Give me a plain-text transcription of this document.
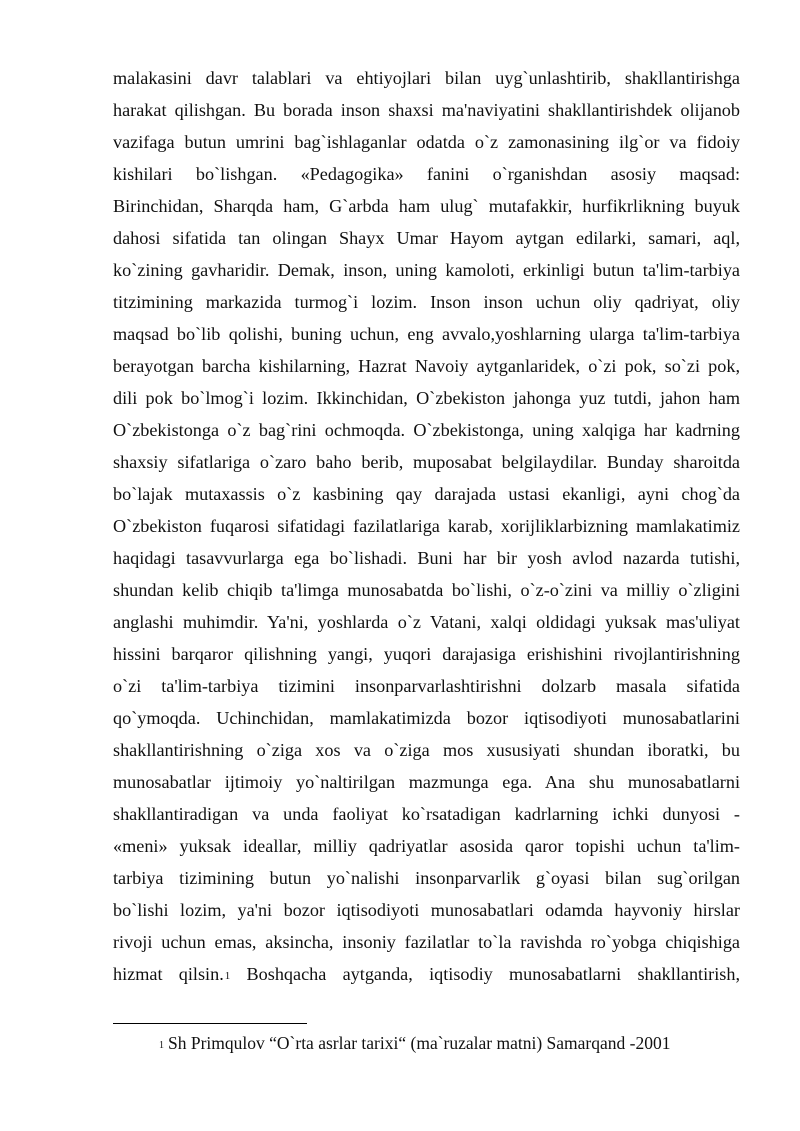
malakasini davr talablari va ehtiyojlari bilan uyg`unlashtirib, shakllantirishga
harakat qilishgan. Bu borada inson shaxsi ma'naviyatini shakllantirishdek olijanob
vazifaga butun umrini bag`ishlaganlar odatda o`z zamonasining ilg`or va fidoiy
kishilari bo`lishgan. «Pedagogika» fanini o`rganishdan asosiy maqsad:
Birinchidan, Sharqda ham, G`arbda ham ulug` mutafakkir, hurfikrlikning buyuk
dahosi sifatida tan olingan Shayx Umar Hayom aytgan edilarki, samari, aql,
ko`zining gavharidir. Demak, inson, uning kamoloti, erkinligi butun ta'lim-tarbiya
titzimining markazida turmog`i lozim. Inson inson uchun oliy qadriyat, oliy
maqsad bo`lib qolishi, buning uchun, eng avvalo,yoshlarning ularga ta'lim-tarbiya
berayotgan barcha kishilarning, Hazrat Navoiy aytganlaridek, o`zi pok, so`zi pok,
dili pok bo`lmog`i lozim. Ikkinchidan, O`zbekiston jahonga yuz tutdi, jahon ham
O`zbekistonga o`z bag`rini ochmoqda. O`zbekistonga, uning xalqiga har kadrning
shaxsiy sifatlariga o`zaro baho berib, muposabat belgilaydilar. Bunday sharoitda
bo`lajak mutaxassis o`z kasbining qay darajada ustasi ekanligi, ayni chog`da
O`zbekiston fuqarosi sifatidagi fazilatlariga karab, xorijliklarbizning mamlakatimiz
haqidagi tasavvurlarga ega bo`lishadi. Buni har bir yosh avlod nazarda tutishi,
shundan kelib chiqib ta'limga munosabatda bo`lishi, o`z-o`zini va milliy o`zligini
anglashi muhimdir. Ya'ni, yoshlarda o`z Vatani, xalqi oldidagi yuksak mas'uliyat
hissini barqaror qilishning yangi, yuqori darajasiga erishishini rivojlantirishning
o`zi ta'lim-tarbiya tizimini insonparvarlashtirishni dolzarb masala sifatida
qo`ymoqda. Uchinchidan, mamlakatimizda bozor iqtisodiyoti munosabatlarini
shakllantirishning o`ziga xos va o`ziga mos xususiyati shundan iboratki, bu
munosabatlar ijtimoiy yo`naltirilgan mazmunga ega. Ana shu munosabatlarni
shakllantiradigan va unda faoliyat ko`rsatadigan kadrlarning ichki dunyosi -
«meni» yuksak ideallar, milliy qadriyatlar asosida qaror topishi uchun ta'lim-
tarbiya tizimining butun yo`nalishi insonparvarlik g`oyasi bilan sug`orilgan
bo`lishi lozim, ya'ni bozor iqtisodiyoti munosabatlari odamda hayvoniy hirslar
rivoji uchun emas, aksincha, insoniy fazilatlar to`la ravishda ro`yobga chiqishiga
hizmat qilsin.$^1$ Boshqacha aytganda, iqtisodiy munosabatlarni shakllantirish,
$^1$ Sh Primqulov “O`rta asrlar tarixi“ (ma`ruzalar matni) Samarqand -2001
